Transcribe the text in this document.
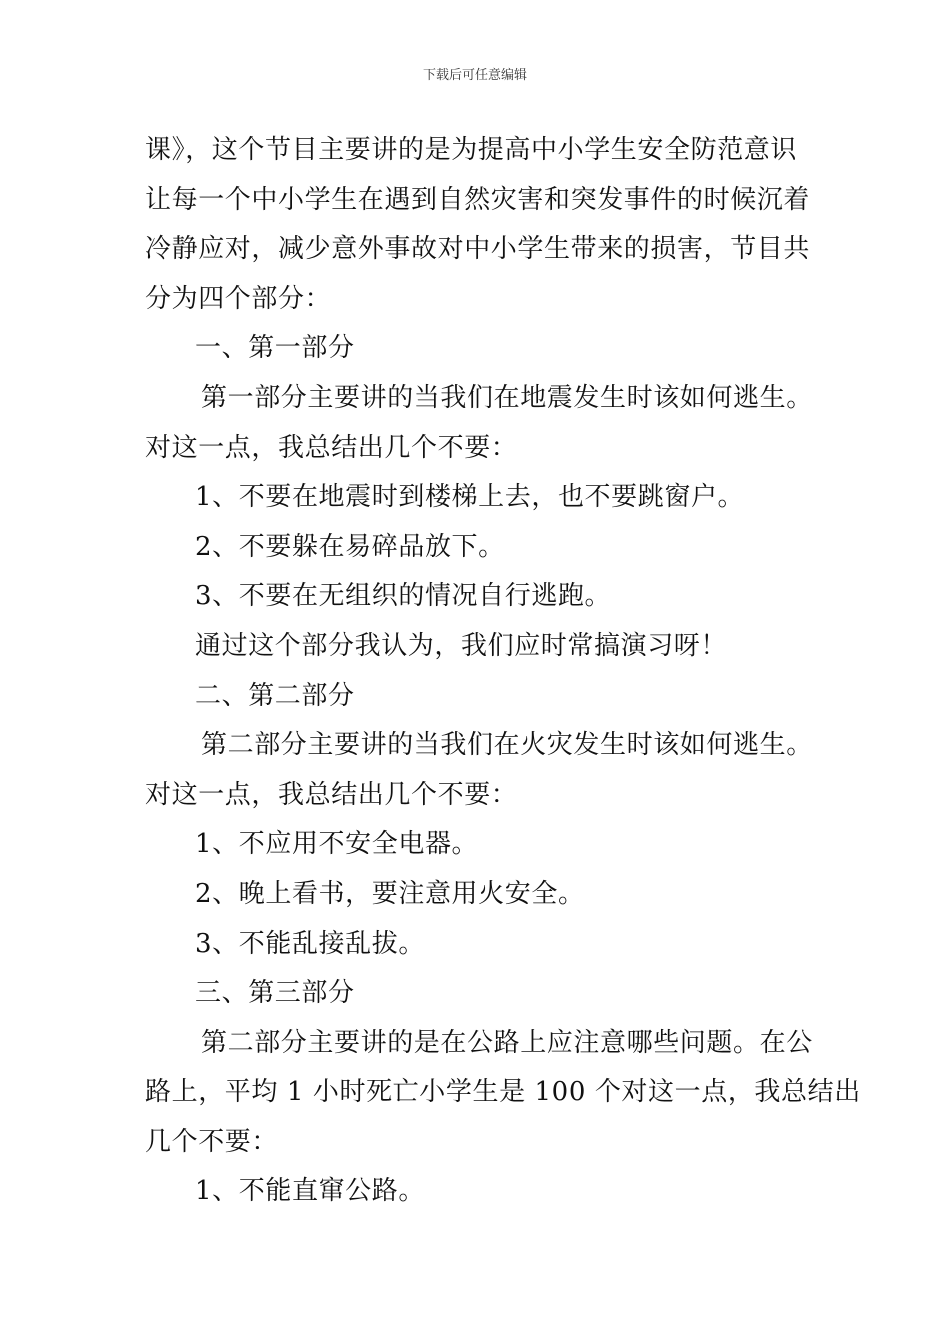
下载后可任意编辑
课》，这个节目主要讲的是为提高中小学生安全防范意识
让每一个中小学生在遇到自然灾害和突发事件的时候沉着
冷静应对，减少意外事故对中小学生带来的损害，节目共
分为四个部分：
一、第一部分
第一部分主要讲的当我们在地震发生时该如何逃生。
对这一点，我总结出几个不要：
1、不要在地震时到楼梯上去，也不要跳窗户。
2、不要躲在易碎品放下。
3、不要在无组织的情况自行逃跑。
通过这个部分我认为，我们应时常搞演习呀！
二、第二部分
第二部分主要讲的当我们在火灾发生时该如何逃生。
对这一点，我总结出几个不要：
1、不应用不安全电器。
2、晚上看书，要注意用火安全。
3、不能乱接乱拔。
三、第三部分
第二部分主要讲的是在公路上应注意哪些问题。在公
路上，平均 1 小时死亡小学生是 100 个对这一点，我总结出
几个不要：
1、不能直窜公路。
